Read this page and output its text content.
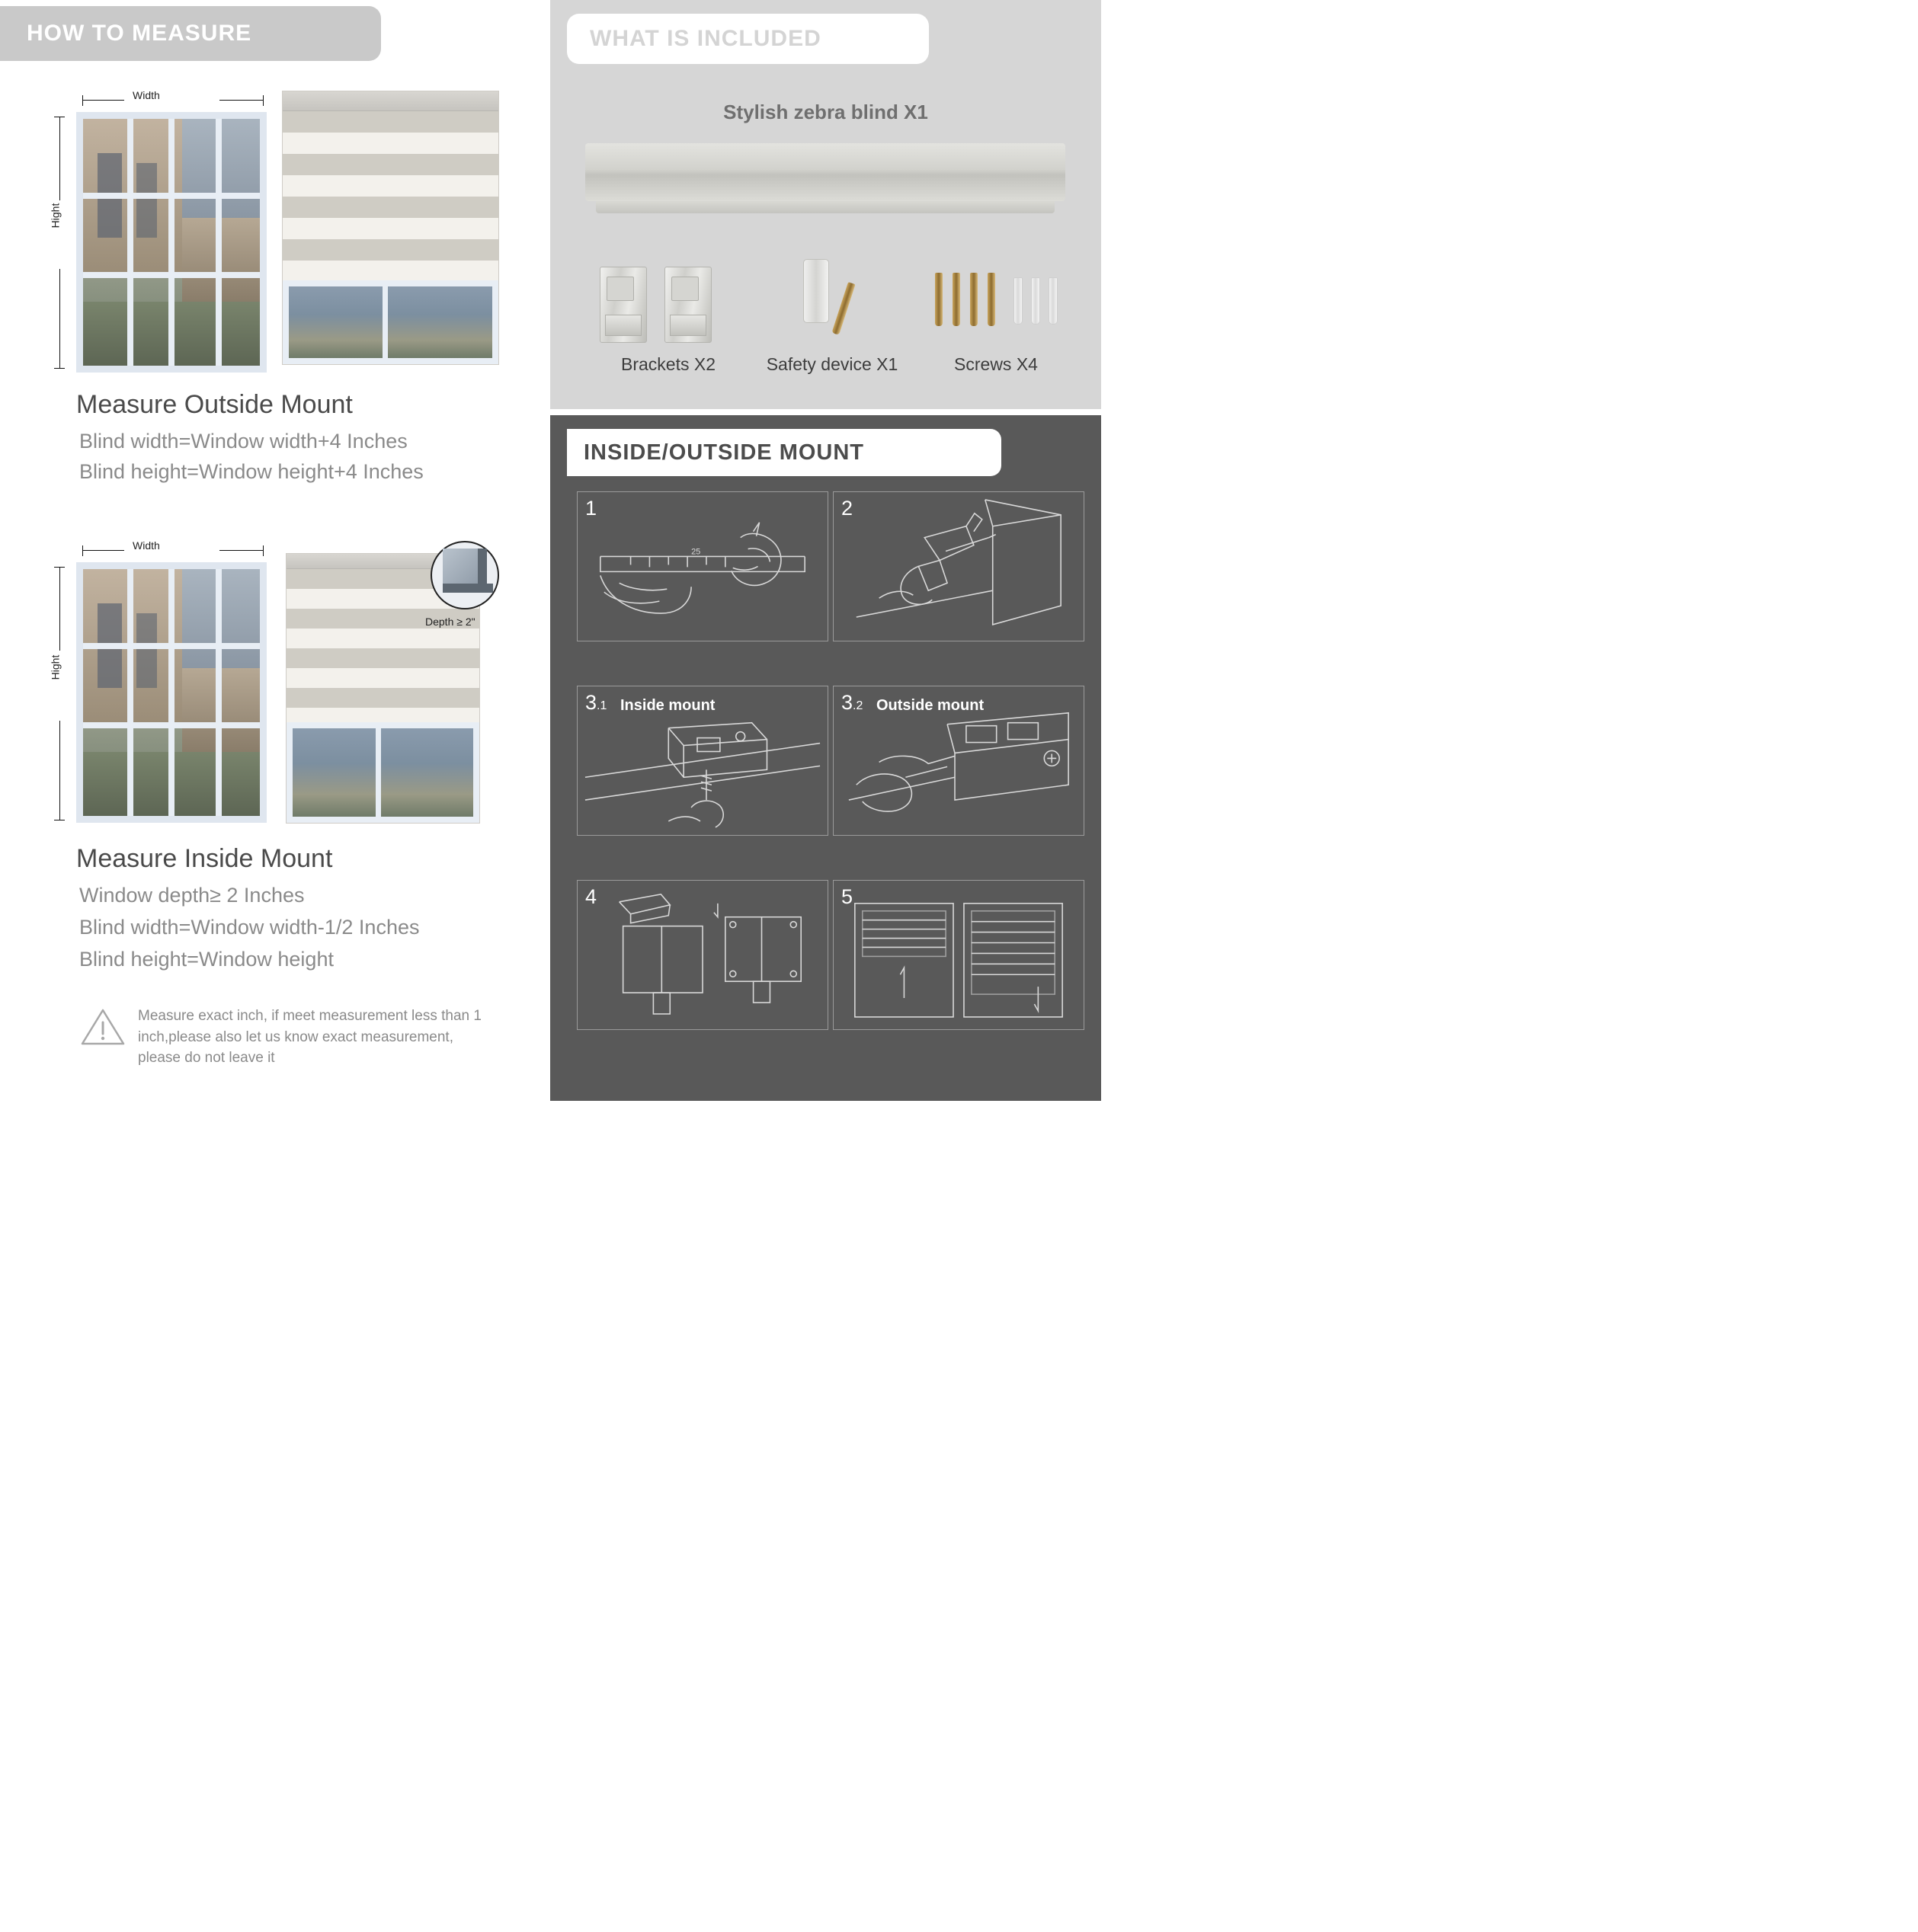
HOW TO MEASURE
Width
Hight
Measure Outside Mount
Blind width=Window width+4 Inches
Blind height=Window height+4 Inches
Width
Hight
Depth ≥ 2"
Measure Inside Mount
Window depth≥ 2 Inches
Blind width=Window width-1/2 Inches
Blind height=Window height
Measure exact inch, if meet measurement less than 1 inch,please also let us know exact measurement, please do not leave it
Stylish zebra blind X1
Brackets X2	Safety device X1	Screws X4
WHAT IS INCLUDED
INSIDE/OUTSIDE MOUNT
1
25
Mark install loca- tions
2
Punch at marked position
3.1 Inside mount
Drill holes & Inside bracket
3.2 Outside mount
Drill holes & Inside bracket
4
Install the blind
5
Finish
